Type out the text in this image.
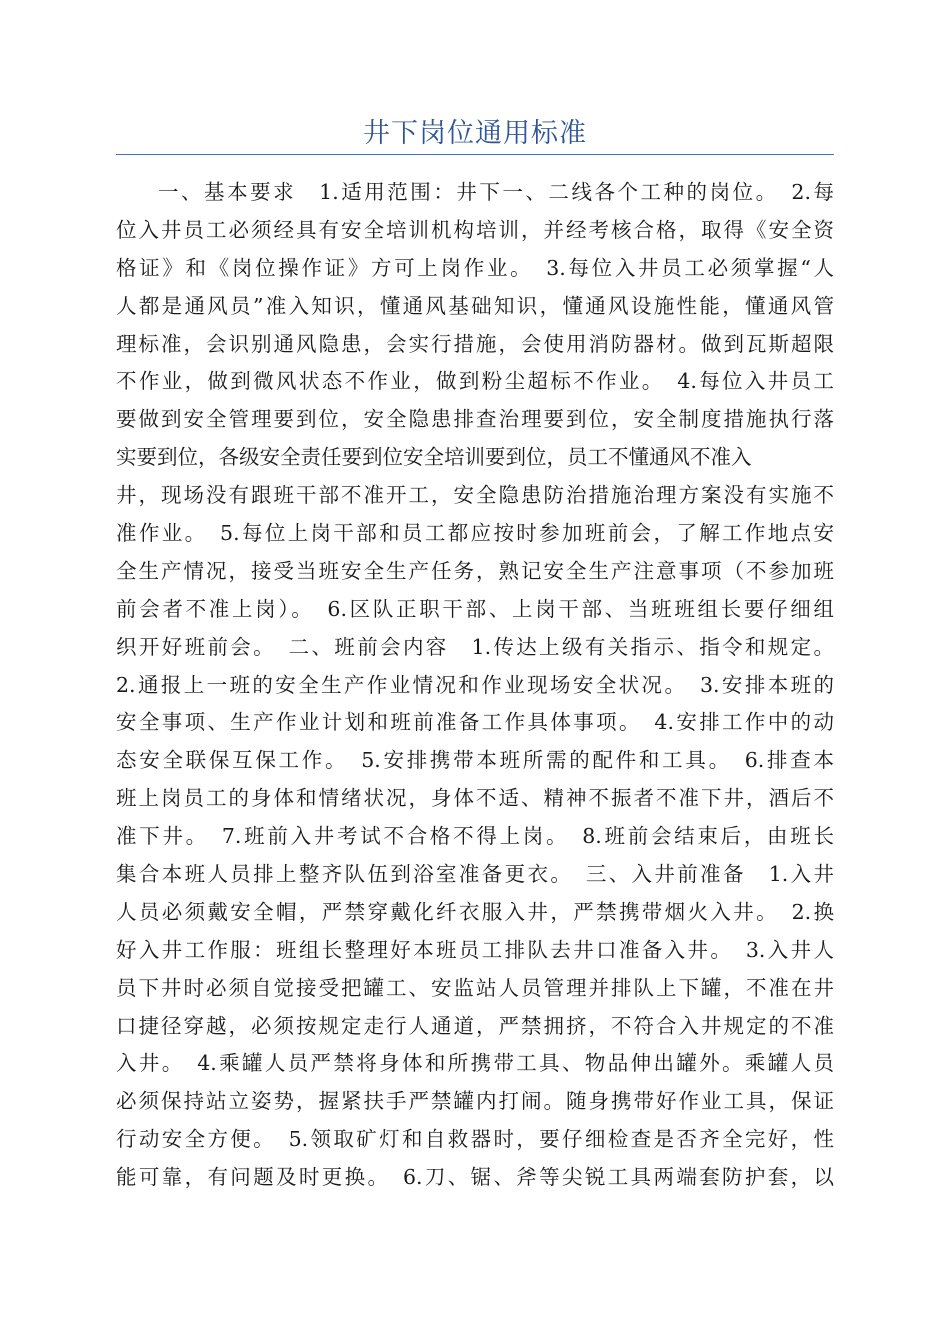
井下岗位通用标准
一、基本要求　1.适用范围：井下一、二线各个工种的岗位。　2.每
位入井员工必须经具有安全培训机构培训，并经考核合格，取得《安全资
格证》和《岗位操作证》方可上岗作业。　3.每位入井员工必须掌握“人
人都是通风员”准入知识，懂通风基础知识，懂通风设施性能，懂通风管
理标准，会识别通风隐患，会实行措施，会使用消防器材。做到瓦斯超限
不作业，做到微风状态不作业，做到粉尘超标不作业。　4.每位入井员工
要做到安全管理要到位，安全隐患排查治理要到位，安全制度措施执行落
实要到位，各级安全责任要到位安全培训要到位，员工不懂通风不准入
井，现场没有跟班干部不准开工，安全隐患防治措施治理方案没有实施不
准作业。　5.每位上岗干部和员工都应按时参加班前会，了解工作地点安
全生产情况，接受当班安全生产任务，熟记安全生产注意事项（不参加班
前会者不准上岗）。　6.区队正职干部、上岗干部、当班班组长要仔细组
织开好班前会。　二、班前会内容　1.传达上级有关指示、指令和规定。
2.通报上一班的安全生产作业情况和作业现场安全状况。　3.安排本班的
安全事项、生产作业计划和班前准备工作具体事项。　4.安排工作中的动
态安全联保互保工作。　5.安排携带本班所需的配件和工具。　6.排查本
班上岗员工的身体和情绪状况，身体不适、精神不振者不准下井，酒后不
准下井。　7.班前入井考试不合格不得上岗。　8.班前会结束后，由班长
集合本班人员排上整齐队伍到浴室准备更衣。　三、入井前准备　1.入井
人员必须戴安全帽，严禁穿戴化纤衣服入井，严禁携带烟火入井。　2.换
好入井工作服：班组长整理好本班员工排队去井口准备入井。　3.入井人
员下井时必须自觉接受把罐工、安监站人员管理并排队上下罐，不准在井
口捷径穿越，必须按规定走行人通道，严禁拥挤，不符合入井规定的不准
入井。　4.乘罐人员严禁将身体和所携带工具、物品伸出罐外。乘罐人员
必须保持站立姿势，握紧扶手严禁罐内打闹。随身携带好作业工具，保证
行动安全方便。　5.领取矿灯和自救器时，要仔细检查是否齐全完好，性
能可靠，有问题及时更换。　6.刀、锯、斧等尖锐工具两端套防护套，以
